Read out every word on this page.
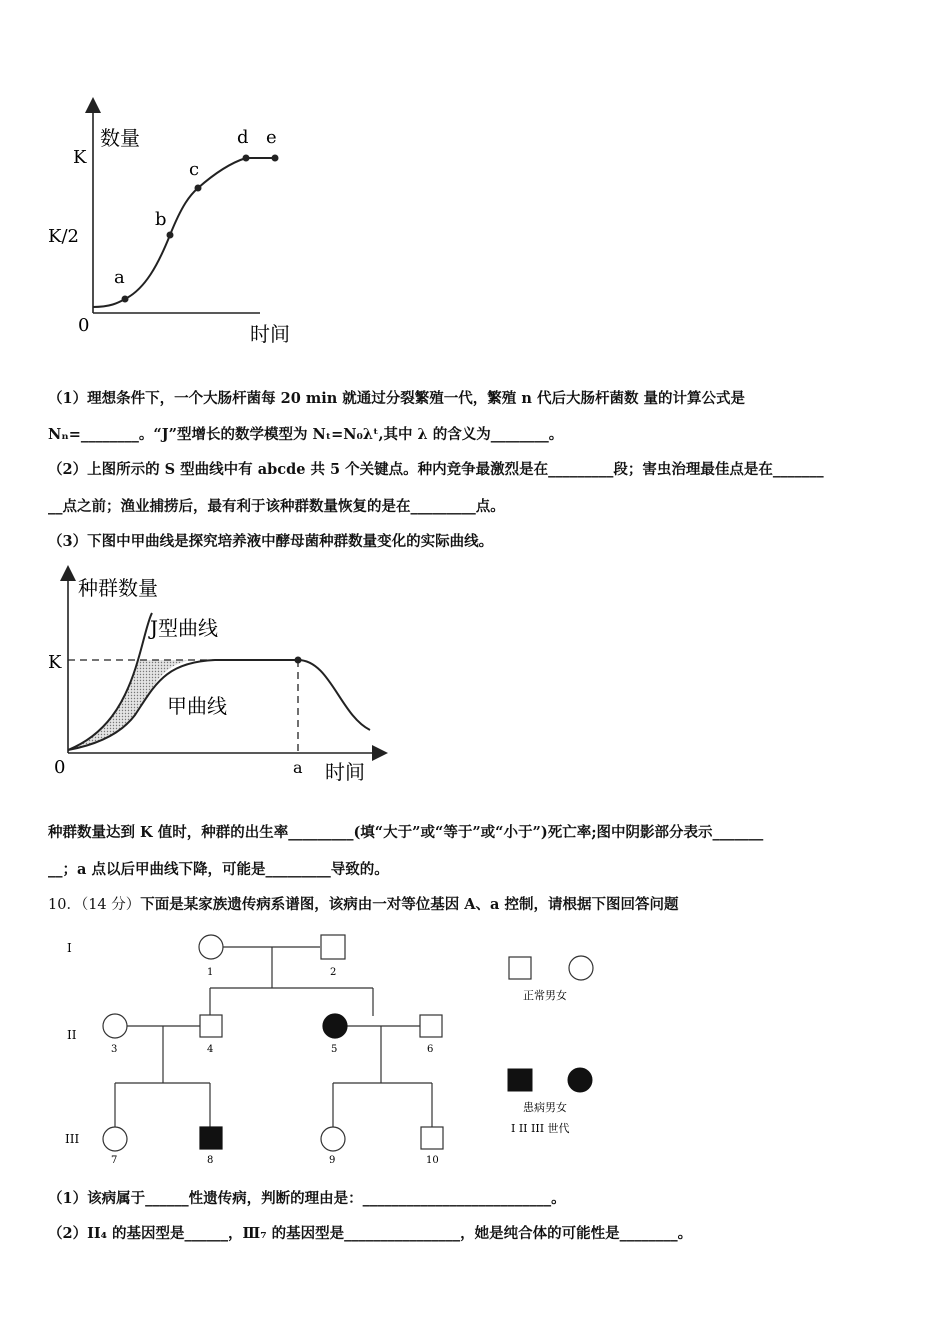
数量
时间
0
K
K/2
a
b
c
d e
（1）理想条件下，一个大肠杆菌每 20 min 就通过分裂繁殖一代，繁殖 n 代后大肠杆菌数 量的计算公式是
Nₙ=________。“J”型增长的数学模型为 Nₜ=N₀λᵗ,其中 λ 的含义为________。
（2）上图所示的 S 型曲线中有 abcde 共 5 个关键点。种内竞争最激烈是在_________段；害虫治理最佳点是在_______
__点之前；渔业捕捞后，最有利于该种群数量恢复的是在_________点。
（3）下图中甲曲线是探究培养液中酵母菌种群数量变化的实际曲线。
种群数量
J型曲线
甲曲线
K
0	a 时间
种群数量达到 K 值时，种群的出生率_________(填“大于”或“等于”或“小于”)死亡率;图中阴影部分表示_______
__；a 点以后甲曲线下降，可能是_________导致的。
10．（14 分）下面是某家族遗传病系谱图，该病由一对等位基因 A、a 控制，请根据下图回答问题
I
II
III
1	2
3	4	5	6
7	8	9	10
正常男女
患病男女
I II III 世代
（1）该病属于______性遗传病，判断的理由是：__________________________。
（2）II₄ 的基因型是______，Ⅲ₇ 的基因型是________________，她是纯合体的可能性是________。
